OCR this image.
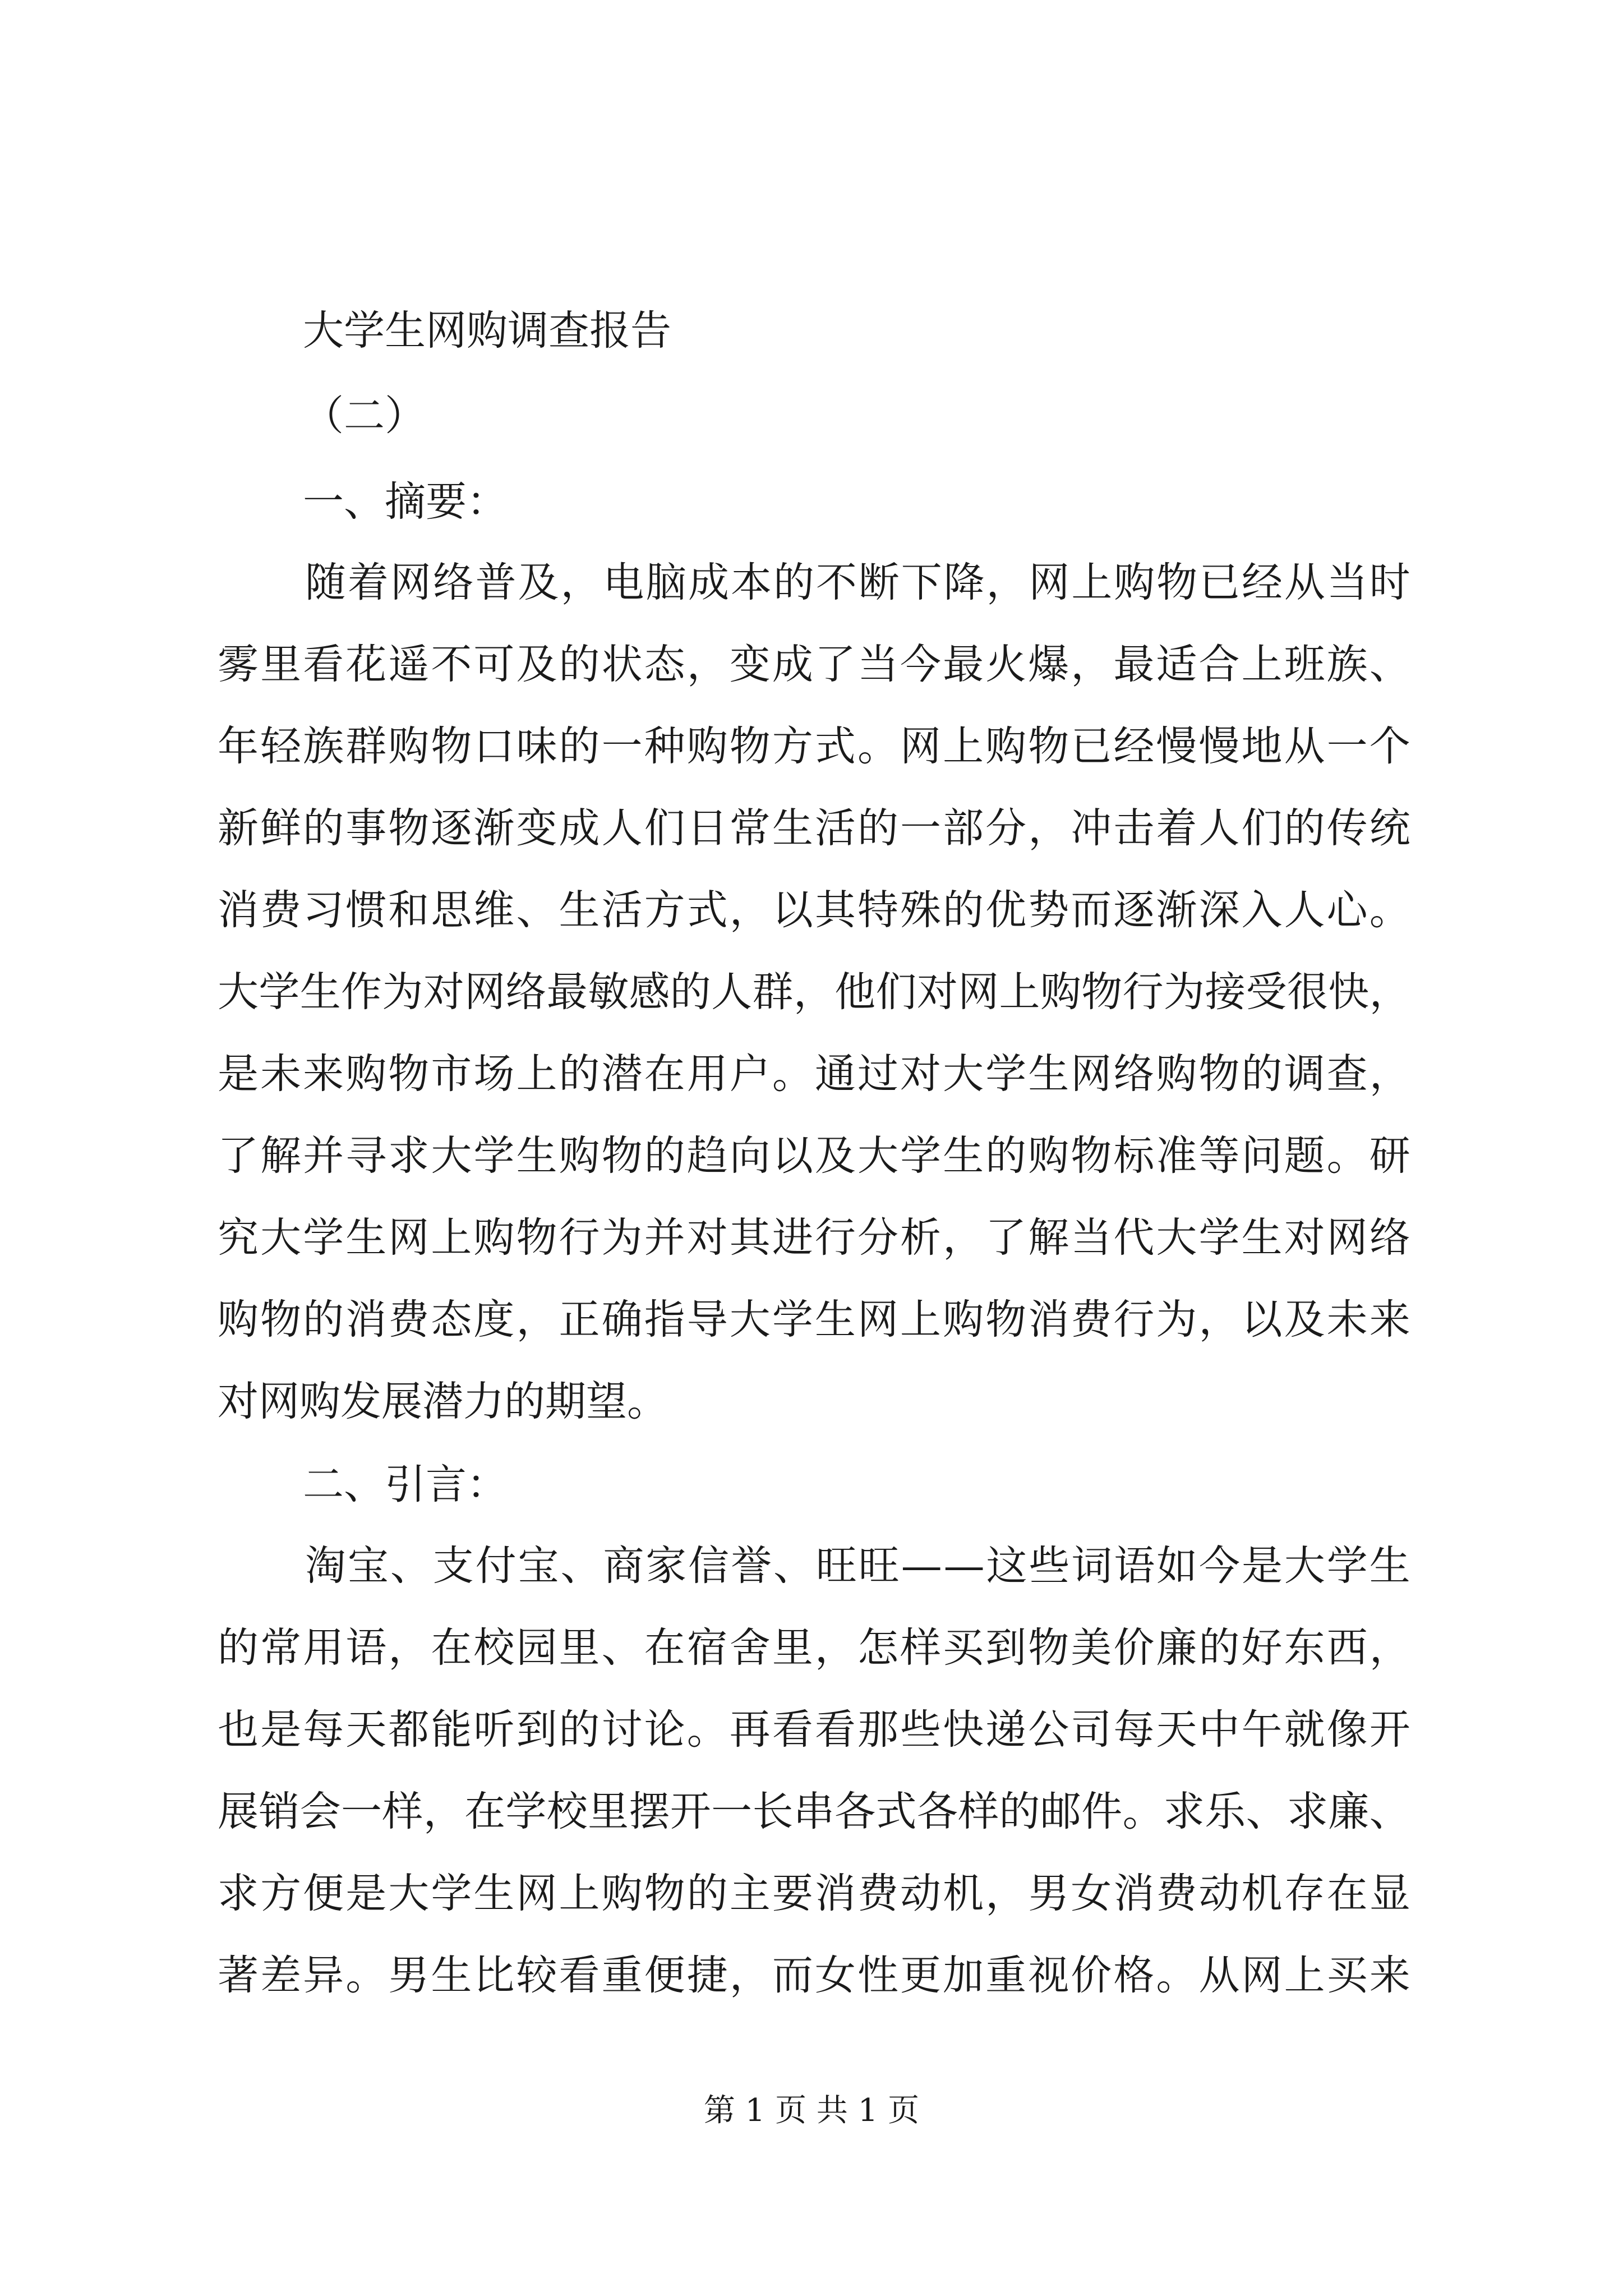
大学生网购调查报告
（二）
一、摘要：
随 着 网 络 普 及 ， 电 脑 成 本 的 不 断 下 降 ， 网 上 购 物 已 经 从 当 时
雾 里 看 花 遥 不 可 及 的 状 态 ， 变 成 了 当 今 最 火 爆 ， 最 适 合 上 班 族 、
年 轻 族 群 购 物 口 味 的 一 种 购 物 方 式 。 网 上 购 物 已 经 慢 慢 地 从 一 个
新 鲜 的 事 物 逐 渐 变 成 人 们 日 常 生 活 的 一 部 分 ， 冲 击 着 人 们 的 传 统
消 费 习 惯 和 思 维 、 生 活 方 式 ， 以 其 特 殊 的 优 势 而 逐 渐 深 入 人 心 。
大 学 生 作 为 对 网 络 最 敏 感 的 人 群 ， 他 们 对 网 上 购 物 行 为 接 受 很 快 ，
是 未 来 购 物 市 场 上 的 潜 在 用 户 。 通 过 对 大 学 生 网 络 购 物 的 调 查 ，
了 解 并 寻 求 大 学 生 购 物 的 趋 向 以 及 大 学 生 的 购 物 标 准 等 问 题 。 研
究 大 学 生 网 上 购 物 行 为 并 对 其 进 行 分 析 ， 了 解 当 代 大 学 生 对 网 络
购 物 的 消 费 态 度 ， 正 确 指 导 大 学 生 网 上 购 物 消 费 行 为 ， 以 及 未 来
对网购发展潜力的期望。
二、引言：
淘 宝 、 支 付 宝 、 商 家 信 誉 、 旺 旺 — — 这 些 词 语 如 今 是 大 学 生
的 常 用 语 ， 在 校 园 里 、 在 宿 舍 里 ， 怎 样 买 到 物 美 价 廉 的 好 东 西 ，
也 是 每 天 都 能 听 到 的 讨 论 。 再 看 看 那 些 快 递 公 司 每 天 中 午 就 像 开
展 销 会 一 样 ， 在 学 校 里 摆 开 一 长 串 各 式 各 样 的 邮 件 。 求 乐 、 求 廉 、
求 方 便 是 大 学 生 网 上 购 物 的 主 要 消 费 动 机 ， 男 女 消 费 动 机 存 在 显
著 差 异 。 男 生 比 较 看 重 便 捷 ， 而 女 性 更 加 重 视 价 格 。 从 网 上 买 来
第 1 页 共 1 页
